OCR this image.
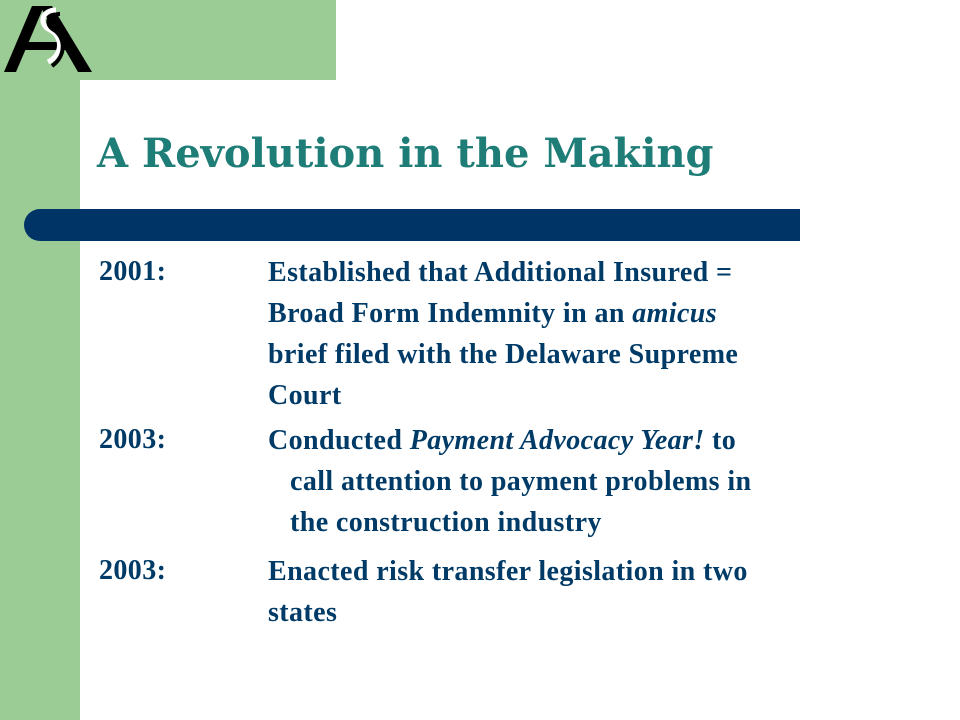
A Revolution in the Making
2001:	Established that Additional Insured =
Broad Form Indemnity in an amicus
brief filed with the Delaware Supreme
Court
2003:	Conducted Payment Advocacy Year! to
call attention to payment problems in
the construction industry
2003:	Enacted risk transfer legislation in two
states
